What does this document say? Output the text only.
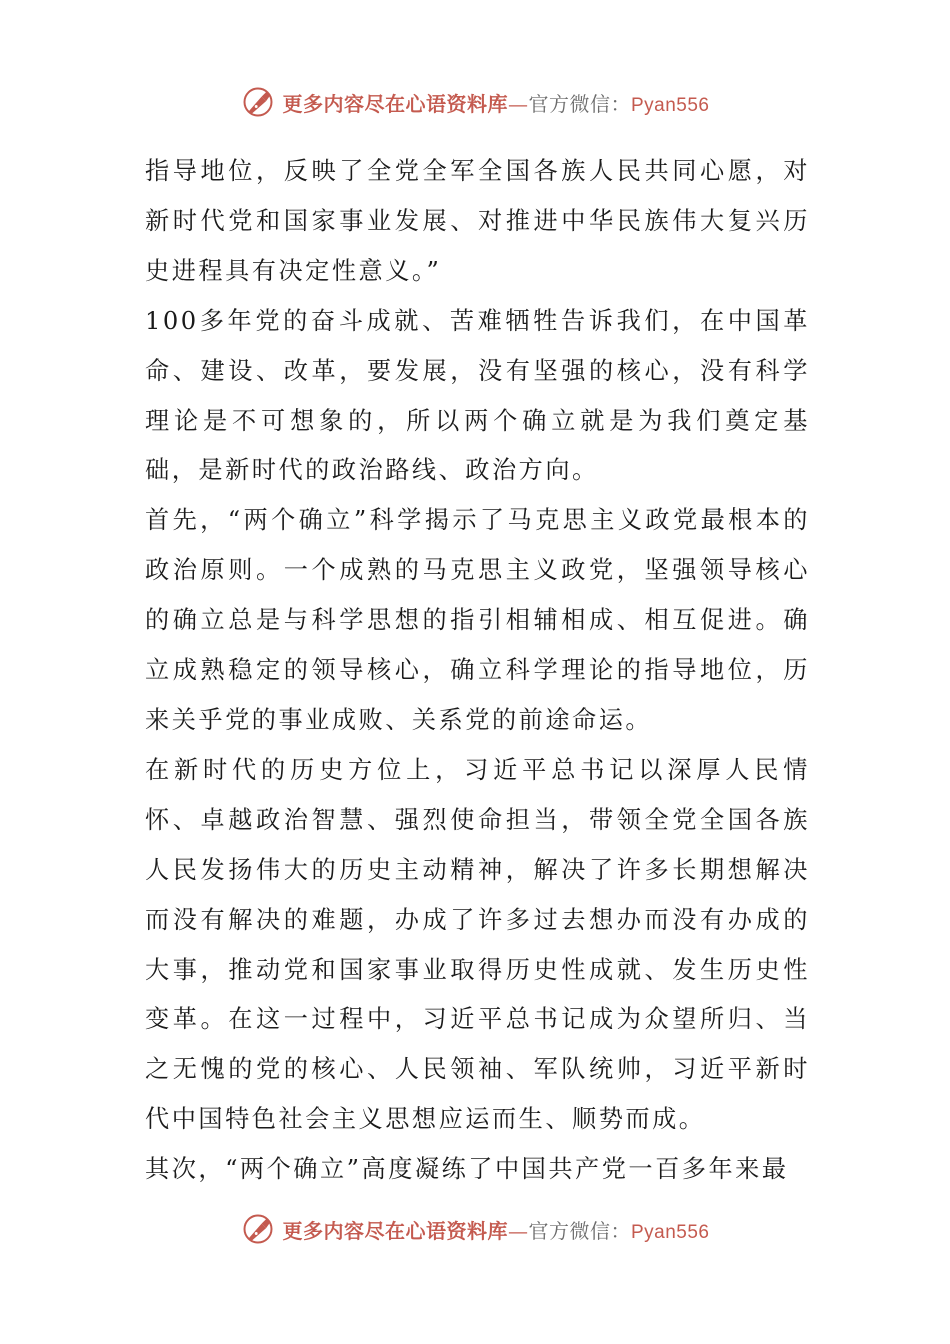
更多内容尽在心语资料库—官方微信：Pyan556

指导地位，反映了全党全军全国各族人民共同心愿，对新时代党和国家事业发展、对推进中华民族伟大复兴历史进程具有决定性意义。”

100多年党的奋斗成就、苦难牺牲告诉我们，在中国革命、建设、改革，要发展，没有坚强的核心，没有科学理论是不可想象的，所以两个确立就是为我们奠定基础，是新时代的政治路线、政治方向。

首先，“两个确立”科学揭示了马克思主义政党最根本的政治原则。一个成熟的马克思主义政党，坚强领导核心的确立总是与科学思想的指引相辅相成、相互促进。确立成熟稳定的领导核心，确立科学理论的指导地位，历来关乎党的事业成败、关系党的前途命运。

在新时代的历史方位上，习近平总书记以深厚人民情怀、卓越政治智慧、强烈使命担当，带领全党全国各族人民发扬伟大的历史主动精神，解决了许多长期想解决而没有解决的难题，办成了许多过去想办而没有办成的大事，推动党和国家事业取得历史性成就、发生历史性变革。在这一过程中，习近平总书记成为众望所归、当之无愧的党的核心、人民领袖、军队统帅，习近平新时代中国特色社会主义思想应运而生、顺势而成。

其次，“两个确立”高度凝练了中国共产党一百多年来最

更多内容尽在心语资料库—官方微信：Pyan556
